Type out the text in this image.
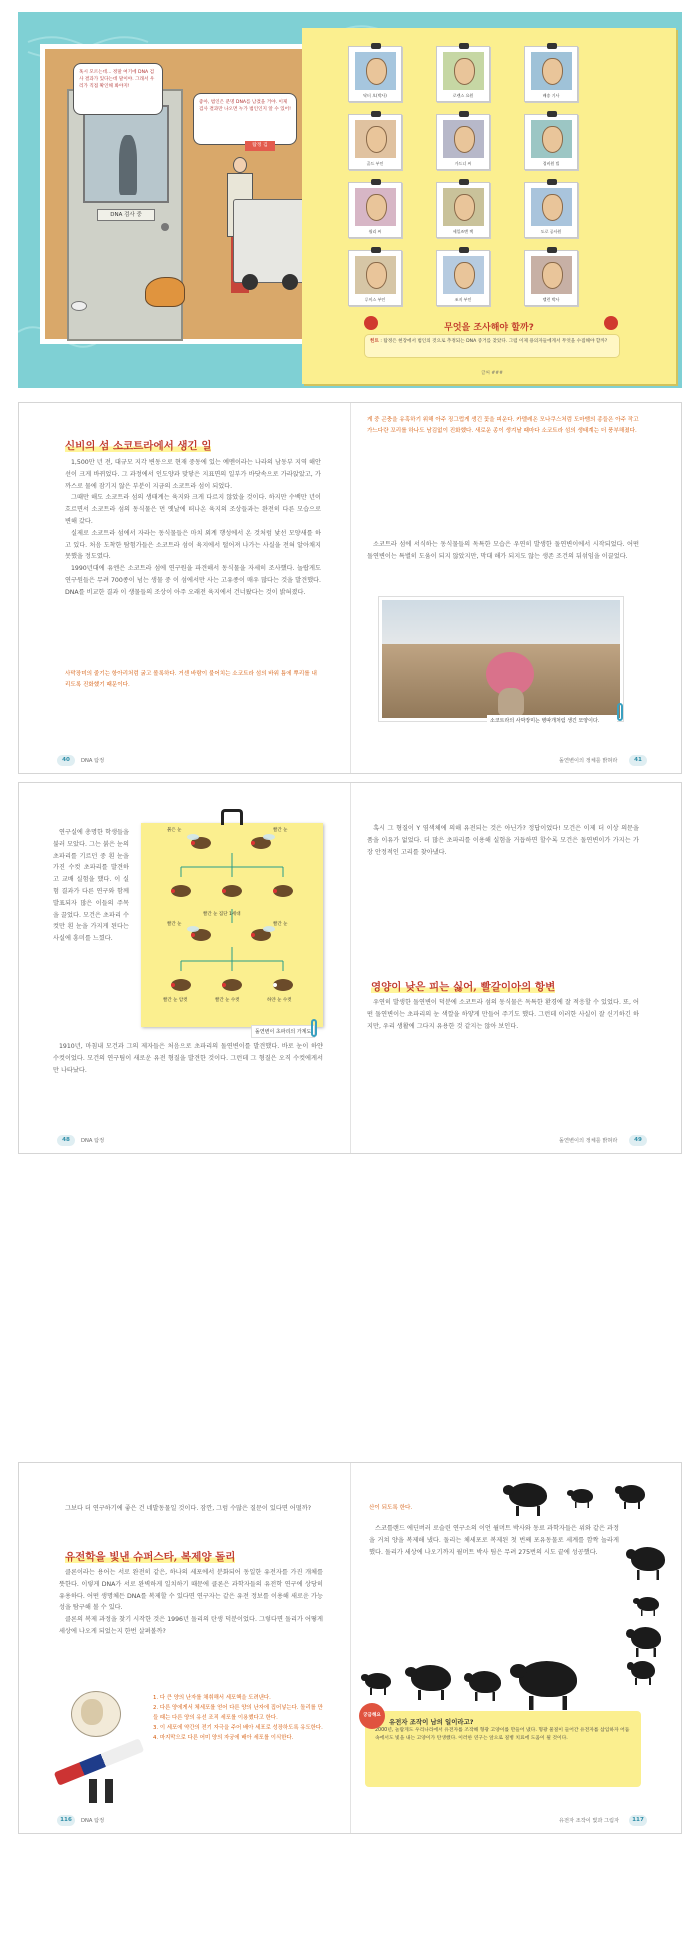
DNA 검사 중
혹시 모르는데... 정말 여기에 DNA 검사 결과가 있다는데 말이야. 그래서 우리가 직접 확인해 봐야지!
좋아, 범인은 분명 DNA를 남겼을 거야. 이제 검사 결과만 나오면 누가 범인인지 알 수 있어!
탐정 김
무엇을 조사해야 할까?
힌트 : 탐정은 현장에서 범인의 것으로 추정되는 DNA 증거를 찾았다. 그럼 이제 용의자들에게서 무엇을 수집해야 할까?
글씨 ###
닥터 오(박사)	로렌스 요원	배송 기사
골드 부인	가드너 씨	경비원 빌
윌리 씨	세일즈맨 잭	도로 공사원
루이스 부인	조지 부인	앨런 박사
신비의 섬 소코트라에서 생긴 일

1,500만 년 전, 대규모 지각 변동으로 현재 중동에 있는 예멘이라는 나라의 남동부 지역 해안선이 크게 바뀌었다. 그 과정에서 인도양과 맞닿은 지표면의 일부가 바닷속으로 가라앉았고, 가까스로 물에 잠기지 않은 부분이 지금의 소코트라 섬이 되었다.

그때만 해도 소코트라 섬의 생태계는 육지와 크게 다르지 않았을 것이다. 하지만 수백만 년이 흐르면서 소코트라 섬의 동식물은 먼 옛날에 떠나온 육지의 조상들과는 완전히 다른 모습으로 변해 갔다.

실제로 소코트라 섬에서 자라는 동식물들은 마치 외계 행성에서 온 것처럼 낯선 모양새를 하고 있다. 처음 도착한 탐험가들은 소코트라 섬이 육지에서 떨어져 나가는 사실을 전혀 알아채지 못했을 정도였다.

1990년대에 유엔은 소코트라 섬에 연구원을 파견해서 동식물을 자세히 조사했다. 놀랍게도 연구원들은 무려 700종이 넘는 생물 중 이 섬에서만 사는 고유종이 매우 많다는 것을 발견했다. DNA를 비교한 결과 이 생물들의 조상이 아주 오래전 육지에서 건너왔다는 것이 밝혀졌다.

사막장미의 줄기는 항아리처럼 굵고 볼록하다. 거센 바람이 불어치는 소코트라 섬의 바위 틈에 뿌리를 내리도록 진화했기 때문이다.
40	DNA 탐정
게 중 곤충을 유혹하기 위해 아주 징그럽게 생긴 꽃을 피운다. 카멜레온 모나쿠스처럼 도마뱀의 종들은 아주 작고 가느다란 꼬리를 하나도 남김없이 진화했다. 새로운 종이 생겨날 때마다 소코트라 섬의 생태계는 더 풍부해졌다.

소코트라 섬에 서식하는 동식물들의 독특한 모습은 우연히 발생한 돌연변이에서 시작되었다. 어떤 돌연변이는 특별히 도움이 되지 않았지만, 막대 해가 되지도 않는 생존 조건의 뒤섞임을 이끌었다.

소코트라의 사막장미는 병따개처럼 생긴 모양이다.
돌연변이의 정체를 밝혀라	41

연구실에 총명한 학생들을 불러 모았다. 그는 붉은 눈의 초파리를 기르던 중 흰 눈을 가진 수컷 초파리를 발견하고 교배 실험을 했다. 이 실험 결과가 다른 연구와 함께 발표되자 많은 이들의 주목을 끌었다. 모건은 초파리 수컷만 흰 눈을 가지게 된다는 사실에 흥미를 느꼈다.

붉은 눈	빨간 눈
빨간 눈 집단 1세대
빨간 눈	빨간 눈
빨간 눈 암컷	빨간 눈 수컷	하얀 눈 수컷
돌연변이 초파리의 가계도

1910년, 마침내 모건과 그의 제자들은 처음으로 초파리의 돌연변이를 발견했다. 바로 눈이 하얀 수컷이었다. 모건의 연구팀이 새로운 유전 형질을 발견한 것이다. 그런데 그 형질은 오직 수컷에게서만 나타났다.

48	DNA 탐정

혹시 그 형질이 Y 염색체에 의해 유전되는 것은 아닌가? 정답이었다! 모건은 이제 더 이상 의문을 품을 이유가 없었다. 더 많은 초파리를 이용해 실험을 거듭하면 할수록 모건은 돌연변이가 가지는 가장 안정적인 고리를 찾아냈다.

영양이 낮은 피는 싫어, 빨갈이아의 항변

우연히 발생한 돌연변이 덕분에 소코트라 섬의 동식물은 독특한 환경에 잘 적응할 수 있었다. 또, 어떤 돌연변이는 초파리의 눈 색깔을 하얗게 만들어 주기도 했다. 그런데 이러한 사실이 잘 신기하긴 하지만, 우리 생활에 그다지 유용한 것 같지는 않아 보인다.

돌연변이의 정체를 밝혀라	49

그보다 더 연구하기에 좋은 건 네발동물일 것이다. 잠깐, 그럼 수많은 질문이 있다면 어떨까?

유전학을 빛낸 슈퍼스타, 복제양 돌리

클론이라는 용어는 서로 완전히 같은, 하나의 세포에서 분화되어 동일한 유전자를 가진 개체를 뜻한다. 이렇게 DNA가 서로 완벽하게 일치하기 때문에 클론은 과학자들의 유전학 연구에 상당히 유용하다. 어떤 생명체든 DNA를 복제할 수 있다면 연구자는 같은 유전 정보를 이용해 새로운 가능성을 탐구해 볼 수 있다.

클론의 복제 과정을 찾기 시작한 것은 1996년 돌리의 탄생 덕분이었다. 그렇다면 돌리가 어떻게 세상에 나오게 되었는지 한번 살펴볼까?

1. 다 큰 양의 난자를 채취해서 세포핵을 도려낸다.
2. 다른 양에게서 체세포를 얻어 다른 양의 난자에 집어넣는다. 돌리를 만들 때는 다른 양의 유선 조직 세포를 이용했다고 한다.
3. 이 세포에 약간의 전기 자극을 주어 배아 세포로 성장하도록 유도한다.
4. 마지막으로 다른 어미 양의 자궁에 배아 세포를 이식한다.
116	DNA 탐정
산이 되도록 한다.

스코틀랜드 에딘버러 로슬린 연구소의 이언 윌머트 박사와 동료 과학자들은 위와 같은 과정을 거쳐 양을 복제해 냈다. 돌리는 체세포로 복제된 첫 번째 포유동물로 세계를 깜짝 놀라게 했다. 돌리가 세상에 나오기까지 윌머트 박사 팀은 무려 275번의 시도 끝에 성공했다.

궁금해요
유전자 조작이 남의 일이라고?
2000년, 놀랍게도 우리나라에서 유전자를 조작해 형광 고양이를 만들어 냈다. 형광 물질이 들어간 유전자를 삽입하자 어둠 속에서도 빛을 내는 고양이가 탄생했다. 이러한 연구는 앞으로 질병 치료에 도움이 될 것이다.
유전자 조작이 빛과 그림자	117
